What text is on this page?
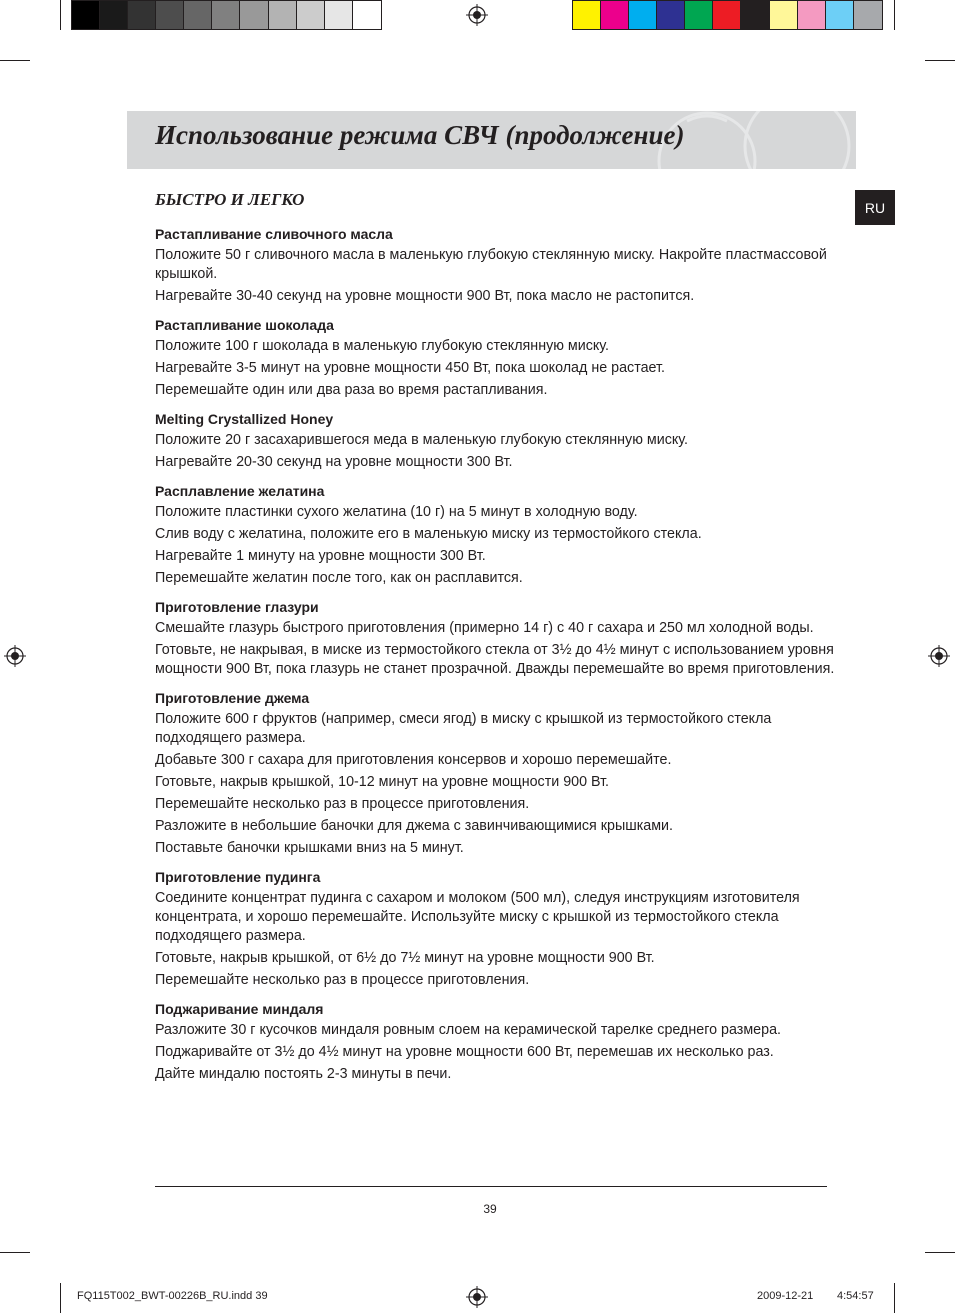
Использование режима СВЧ (продолжение)
RU
БЫСТРО И ЛЕГКО
Растапливание сливочного масла
Положите 50 г сливочного масла в маленькую глубокую стеклянную миску. Накройте пластмассовой крышкой.
Нагревайте 30-40 секунд на уровне мощности 900 Вт, пока масло не растопится.
Растапливание шоколада
Положите 100 г шоколада в маленькую глубокую стеклянную миску.
Нагревайте 3-5 минут на уровне мощности 450 Вт, пока шоколад не растает.
Перемешайте один или два раза во время растапливания.
Melting Crystallized Honey
Положите 20 г засахарившегося меда в маленькую глубокую стеклянную миску.
Нагревайте 20-30 секунд на уровне мощности 300 Вт.
Расплавление желатина
Положите пластинки сухого желатина (10 г) на 5 минут в холодную воду.
Слив воду с желатина, положите его в маленькую миску из термостойкого стекла.
Нагревайте 1 минуту на уровне мощности 300 Вт.
Перемешайте желатин после того, как он расплавится.
Приготовление глазури
Смешайте глазурь быстрого приготовления (примерно 14 г) с 40 г сахара и 250 мл холодной воды.
Готовьте, не накрывая, в миске из термостойкого стекла от 3½ до 4½ минут с использованием уровня мощности 900 Вт, пока глазурь не станет прозрачной. Дважды перемешайте во время приготовления.
Приготовление джема
Положите 600 г фруктов (например, смеси ягод) в миску с крышкой из термостойкого стекла подходящего размера.
Добавьте 300 г сахара для приготовления консервов и хорошо перемешайте.
Готовьте, накрыв крышкой, 10-12 минут на уровне мощности 900 Вт.
Перемешайте несколько раз в процессе приготовления.
Разложите в небольшие баночки для джема с завинчивающимися крышками.
Поставьте баночки крышками вниз на 5 минут.
Приготовление пудинга
Соедините концентрат пудинга с сахаром и молоком (500 мл), следуя инструкциям изготовителя концентрата, и хорошо перемешайте. Используйте миску с крышкой из термостойкого стекла подходящего размера.
Готовьте, накрыв крышкой, от 6½ до 7½ минут на уровне мощности 900 Вт.
Перемешайте несколько раз в процессе приготовления.
Поджаривание миндаля
Разложите 30 г кусочков миндаля ровным слоем на керамической тарелке среднего размера.
Поджаривайте от 3½ до 4½ минут на уровне мощности 600 Вт, перемешав их несколько раз.
Дайте миндалю постоять 2-3 минуты в печи.
39
FQ115T002_BWT-00226B_RU.indd 39	2009-12-21 4:54:57
